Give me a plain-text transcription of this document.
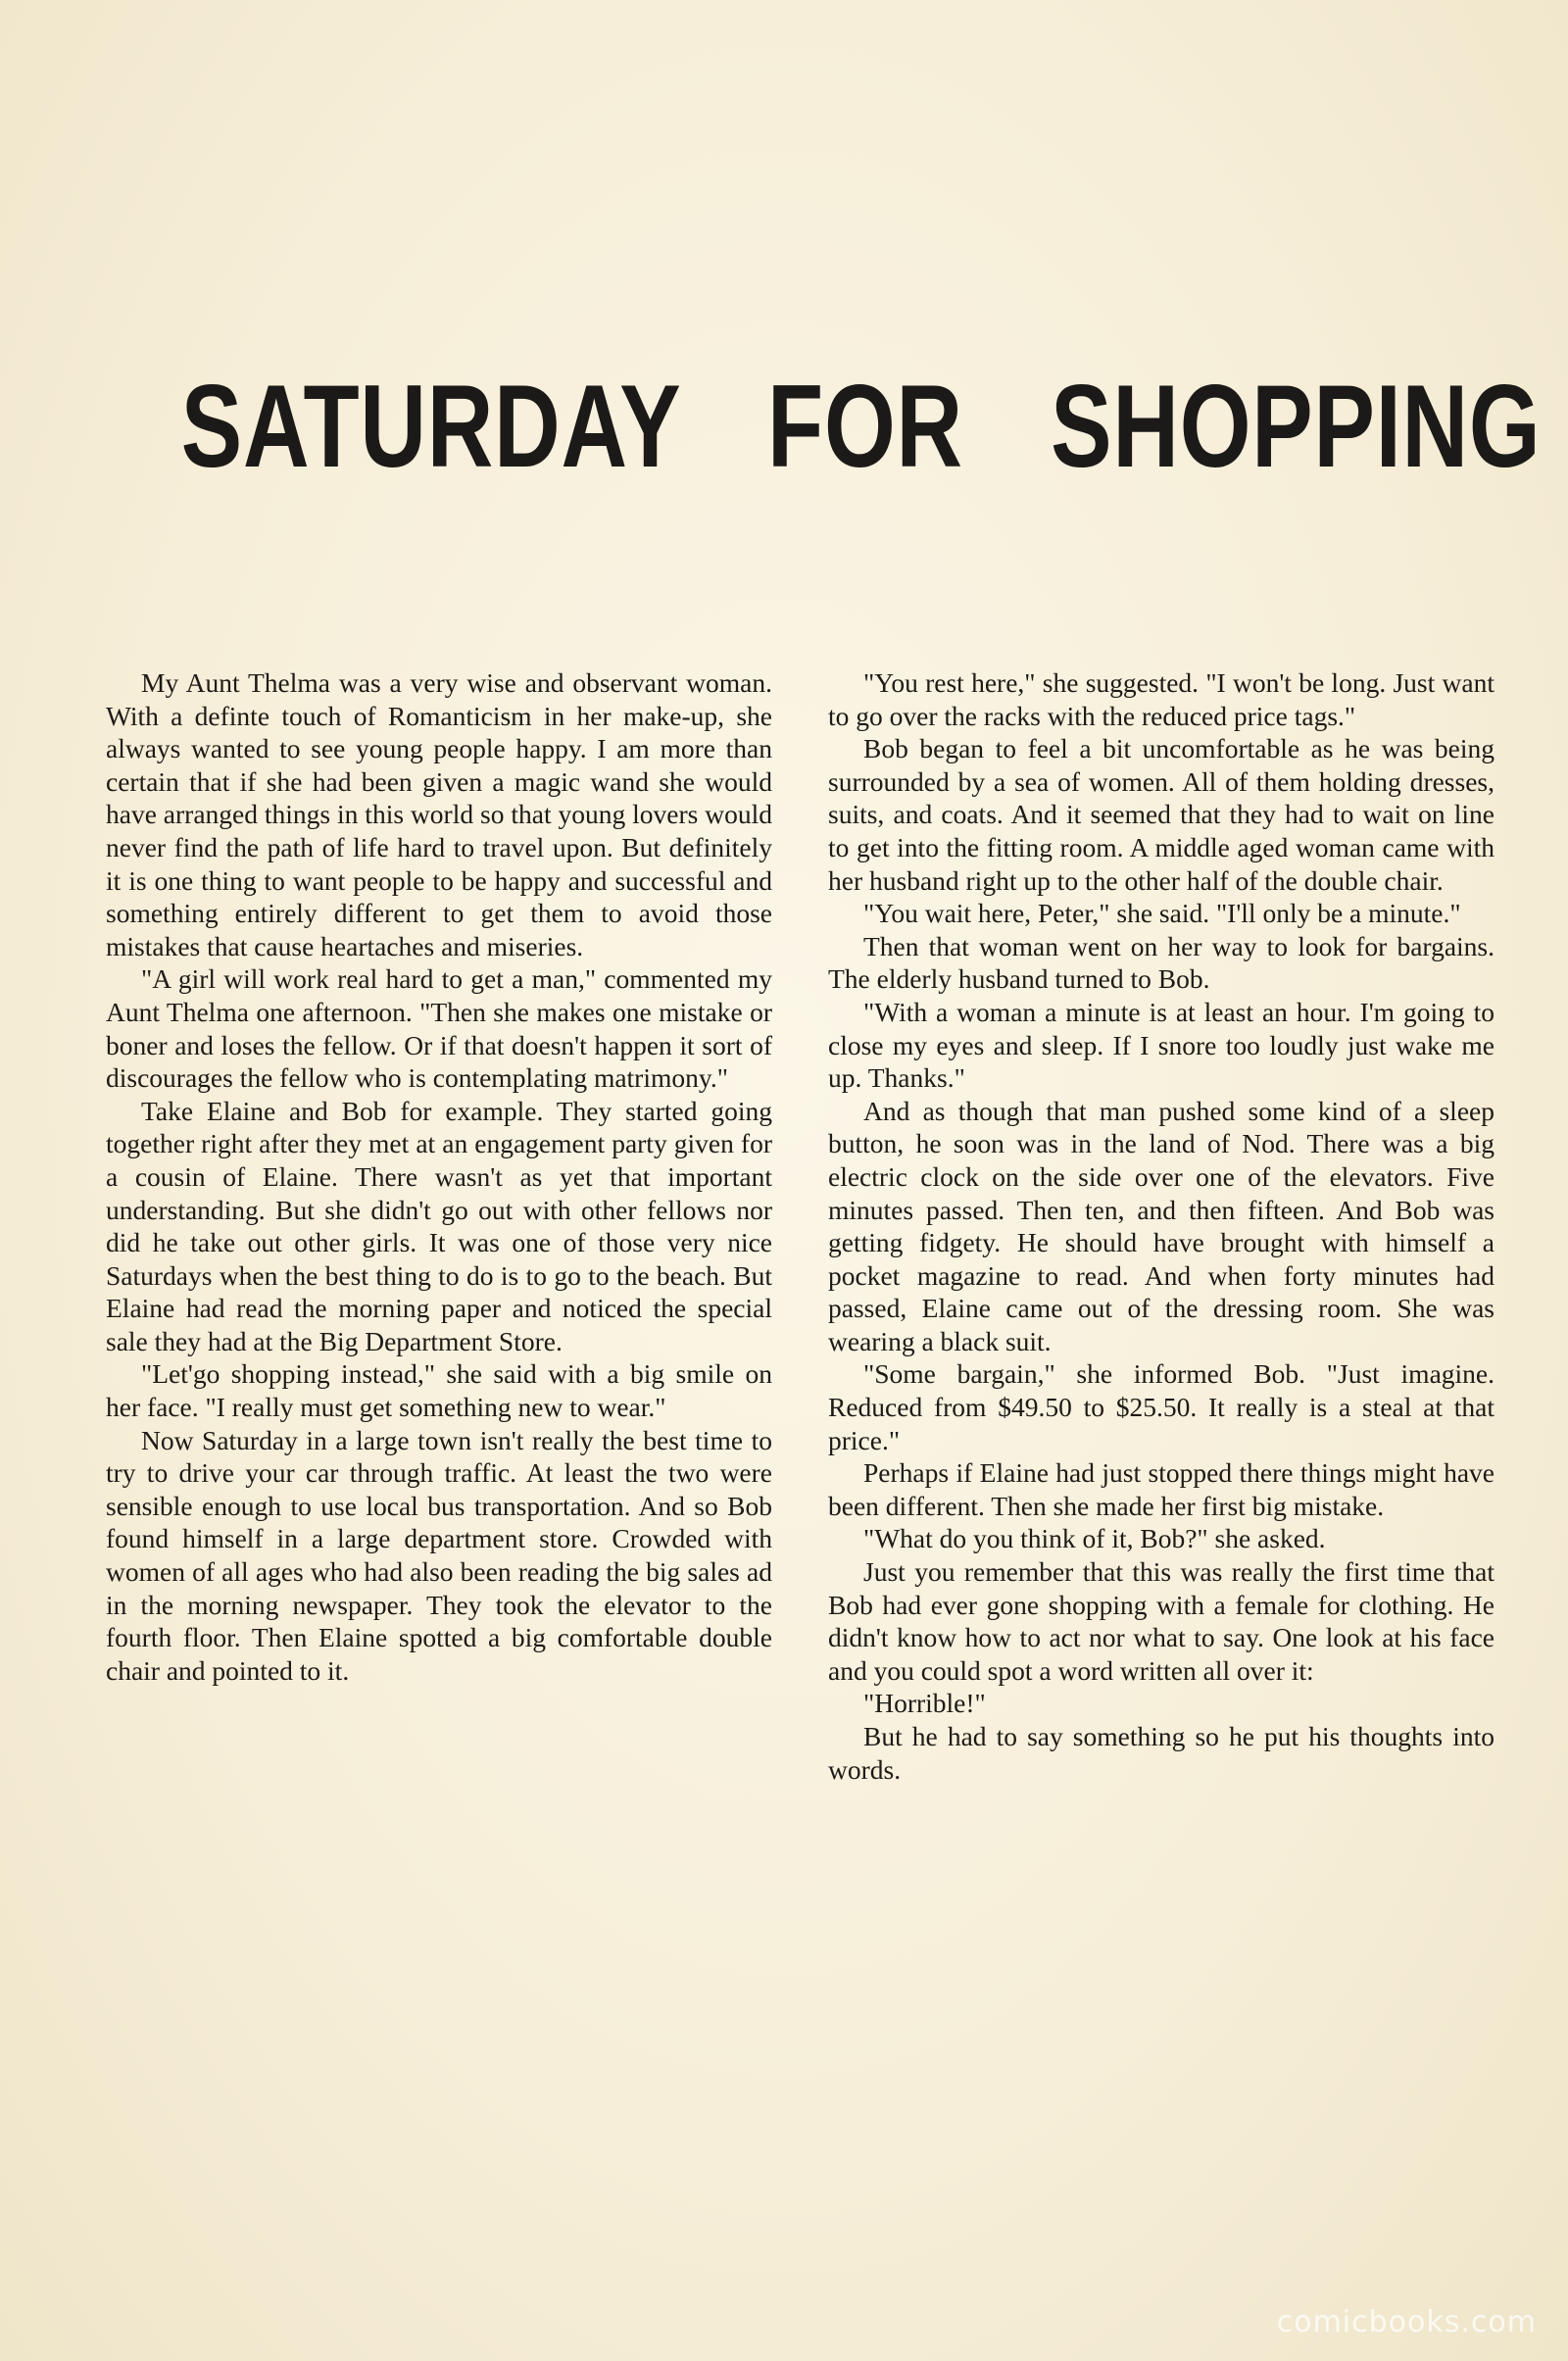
SATURDAY FOR SHOPPING

My Aunt Thelma was a very wise and observant woman. With a definte touch of Romanticism in her make-up, she always wanted to see young people happy. I am more than certain that if she had been given a magic wand she would have arranged things in this world so that young lovers would never find the path of life hard to travel upon. But definitely it is one thing to want people to be happy and successful and something entirely different to get them to avoid those mistakes that cause heartaches and miseries.

"A girl will work real hard to get a man," commented my Aunt Thelma one afternoon. "Then she makes one mistake or boner and loses the fellow. Or if that doesn't happen it sort of discourages the fellow who is contemplating matrimony."

Take Elaine and Bob for example. They started going together right after they met at an engagement party given for a cousin of Elaine. There wasn't as yet that important understanding. But she didn't go out with other fellows nor did he take out other girls. It was one of those very nice Saturdays when the best thing to do is to go to the beach. But Elaine had read the morning paper and noticed the special sale they had at the Big Department Store.

"Let'go shopping instead," she said with a big smile on her face. "I really must get something new to wear."

Now Saturday in a large town isn't really the best time to try to drive your car through traffic. At least the two were sensible enough to use local bus transportation. And so Bob found himself in a large department store. Crowded with women of all ages who had also been reading the big sales ad in the morning newspaper. They took the elevator to the fourth floor. Then Elaine spotted a big comfortable double chair and pointed to it.

"You rest here," she suggested. "I won't be long. Just want to go over the racks with the reduced price tags."

Bob began to feel a bit uncomfortable as he was being surrounded by a sea of women. All of them holding dresses, suits, and coats. And it seemed that they had to wait on line to get into the fitting room. A middle aged woman came with her husband right up to the other half of the double chair.

"You wait here, Peter," she said. "I'll only be a minute."

Then that woman went on her way to look for bargains. The elderly husband turned to Bob.

"With a woman a minute is at least an hour. I'm going to close my eyes and sleep. If I snore too loudly just wake me up. Thanks."

And as though that man pushed some kind of a sleep button, he soon was in the land of Nod. There was a big electric clock on the side over one of the elevators. Five minutes passed. Then ten, and then fifteen. And Bob was getting fidgety. He should have brought with himself a pocket magazine to read. And when forty minutes had passed, Elaine came out of the dressing room. She was wearing a black suit.

"Some bargain," she informed Bob. "Just imagine. Reduced from $49.50 to $25.50. It really is a steal at that price."

Perhaps if Elaine had just stopped there things might have been different. Then she made her first big mistake.

"What do you think of it, Bob?" she asked.

Just you remember that this was really the first time that Bob had ever gone shopping with a female for clothing. He didn't know how to act nor what to say. One look at his face and you could spot a word written all over it:

"Horrible!"

But he had to say something so he put his thoughts into words.

comicbooks.com
